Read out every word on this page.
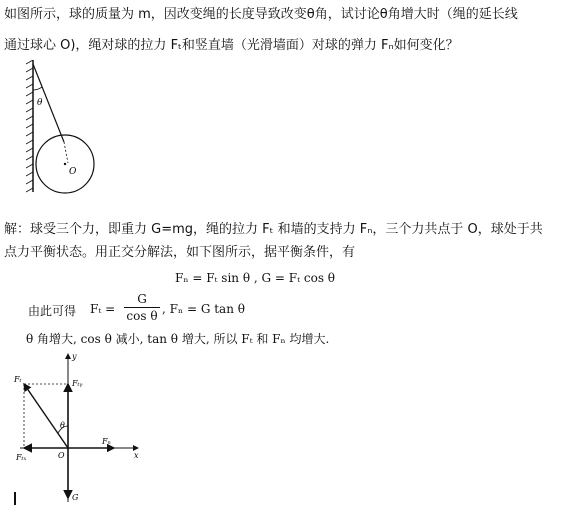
如图所示，球的质量为 m，因改变绳的长度导致改变θ角，试讨论θ角增大时（绳的延长线
通过球心 O)，绳对球的拉力 Fₜ和竖直墙（光滑墙面）对球的弹力 Fₙ如何变化？
θ
O
解：球受三个力，即重力 G=mg，绳的拉力 Fₜ 和墙的支持力 Fₙ，三个力共点于 O，球处于共
点力平衡状态。用正交分解法，如下图所示，据平衡条件，有
Fₙ = Fₜ sin θ , G = Fₜ cos θ
由此可得 Fₜ =
G
cos θ , Fₙ = G tan θ
θ 角增大, cos θ 减小, tan θ 增大, 所以 Fₜ 和 Fₙ 均增大.
y
x
Fₜ	Fₜᵧ
Fₜₓ
Fₙ
θ
O
G
